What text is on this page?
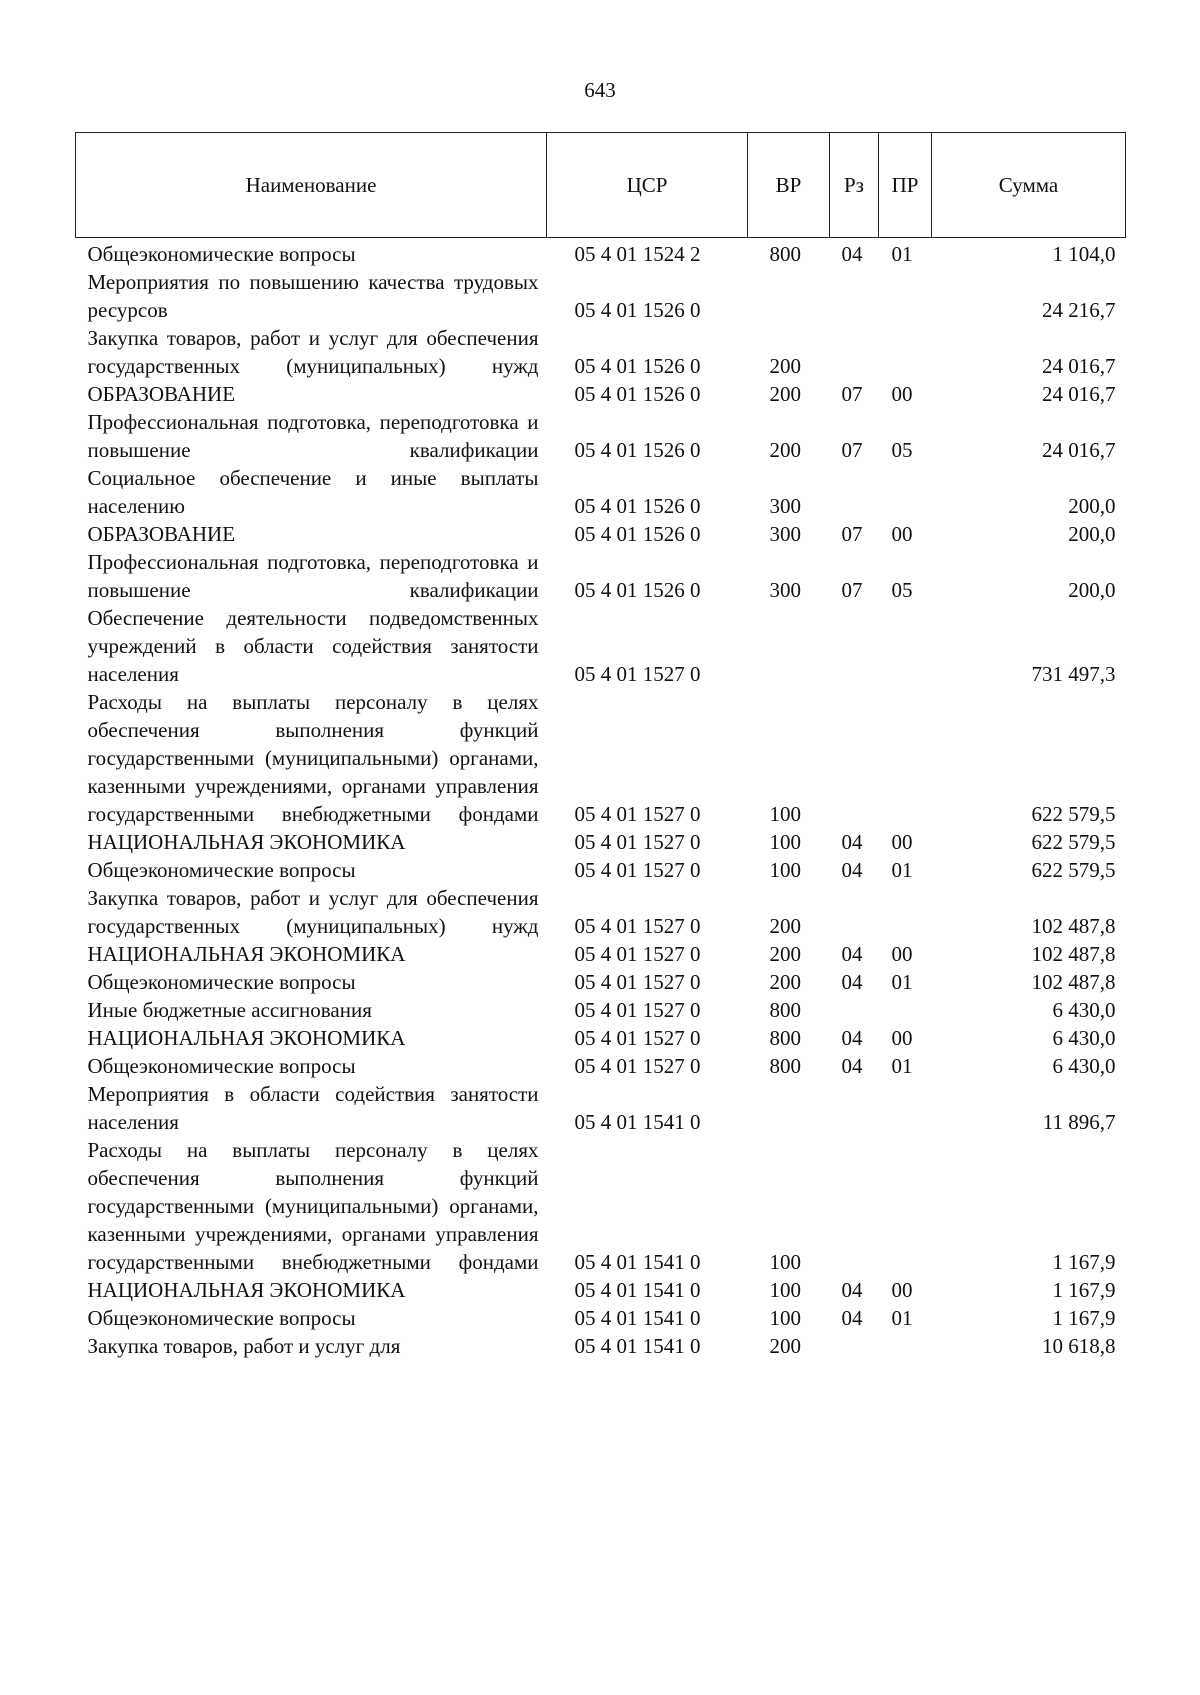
643
Наименование	ЦСР	ВР	Рз	ПР	Сумма
Общеэкономические вопросы	05 4 01 1524 2	800	04	01	1 104,0
Мероприятия по повышению качества трудовых ресурсов	05 4 01 1526 0				24 216,7
Закупка товаров, работ и услуг для обеспечения государственных (муниципальных) нужд	05 4 01 1526 0	200			24 016,7
ОБРАЗОВАНИЕ	05 4 01 1526 0	200	07	00	24 016,7
Профессиональная подготовка, переподготовка и повышение квалификации	05 4 01 1526 0	200	07	05	24 016,7
Социальное обеспечение и иные выплаты населению	05 4 01 1526 0	300			200,0
ОБРАЗОВАНИЕ	05 4 01 1526 0	300	07	00	200,0
Профессиональная подготовка, переподготовка и повышение квалификации	05 4 01 1526 0	300	07	05	200,0
Обеспечение деятельности подведомственных учреждений в области содействия занятости населения	05 4 01 1527 0				731 497,3
Расходы на выплаты персоналу в целях обеспечения выполнения функций государственными (муниципальными) органами, казенными учреждениями, органами управления государственными внебюджетными фондами	05 4 01 1527 0	100			622 579,5
НАЦИОНАЛЬНАЯ ЭКОНОМИКА	05 4 01 1527 0	100	04	00	622 579,5
Общеэкономические вопросы	05 4 01 1527 0	100	04	01	622 579,5
Закупка товаров, работ и услуг для обеспечения государственных (муниципальных) нужд	05 4 01 1527 0	200			102 487,8
НАЦИОНАЛЬНАЯ ЭКОНОМИКА	05 4 01 1527 0	200	04	00	102 487,8
Общеэкономические вопросы	05 4 01 1527 0	200	04	01	102 487,8
Иные бюджетные ассигнования	05 4 01 1527 0	800			6 430,0
НАЦИОНАЛЬНАЯ ЭКОНОМИКА	05 4 01 1527 0	800	04	00	6 430,0
Общеэкономические вопросы	05 4 01 1527 0	800	04	01	6 430,0
Мероприятия в области содействия занятости населения	05 4 01 1541 0				11 896,7
Расходы на выплаты персоналу в целях обеспечения выполнения функций государственными (муниципальными) органами, казенными учреждениями, органами управления государственными внебюджетными фондами	05 4 01 1541 0	100			1 167,9
НАЦИОНАЛЬНАЯ ЭКОНОМИКА	05 4 01 1541 0	100	04	00	1 167,9
Общеэкономические вопросы	05 4 01 1541 0	100	04	01	1 167,9
Закупка товаров, работ и услуг для	05 4 01 1541 0	200			10 618,8
